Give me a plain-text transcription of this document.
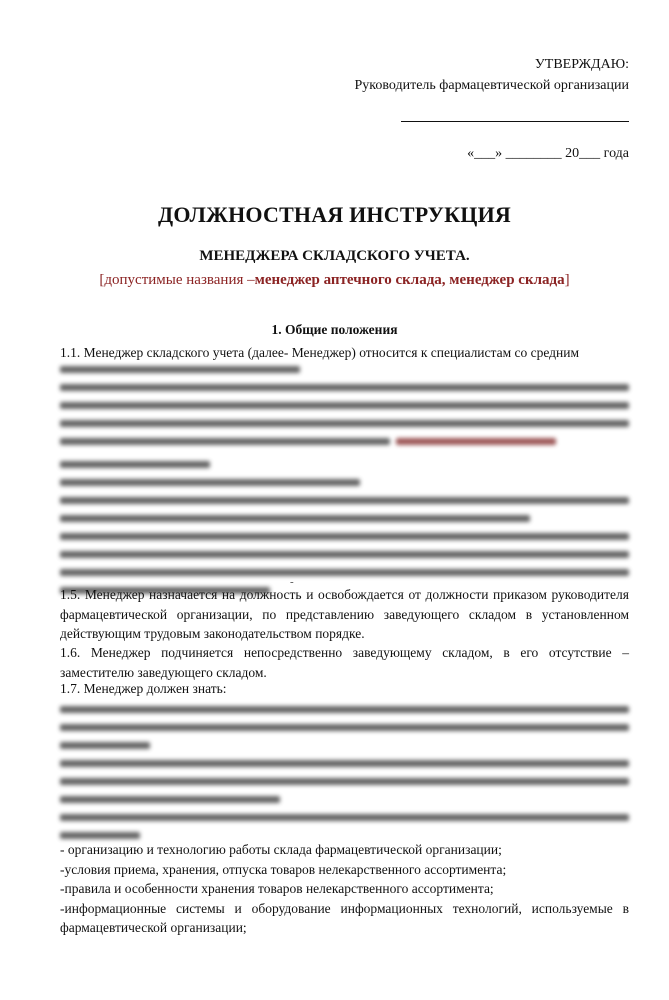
УТВЕРЖДАЮ:
Руководитель фармацевтической организации
«___» ________ 20___ года
ДОЛЖНОСТНАЯ ИНСТРУКЦИЯ
МЕНЕДЖЕРА СКЛАДСКОГО УЧЕТА.
[допустимые названия –менеджер аптечного склада, менеджер склада]
1. Общие положения
1.1. Менеджер складского учета (далее- Менеджер) относится к специалистам со средним
-
1.5. Менеджер назначается на должность и освобождается от должности приказом руководителя фармацевтической организации, по представлению заведующего складом в установленном действующим трудовым законодательством порядке.
1.6. Менеджер подчиняется непосредственно заведующему складом, в его отсутствие – заместителю заведующего складом.
1.7. Менеджер должен знать:
- организацию и технологию работы склада фармацевтической организации;
-условия приема, хранения, отпуска товаров нелекарственного ассортимента;
-правила и особенности хранения товаров нелекарственного ассортимента;
-информационные системы и оборудование информационных технологий, используемые в фармацевтической организации;
